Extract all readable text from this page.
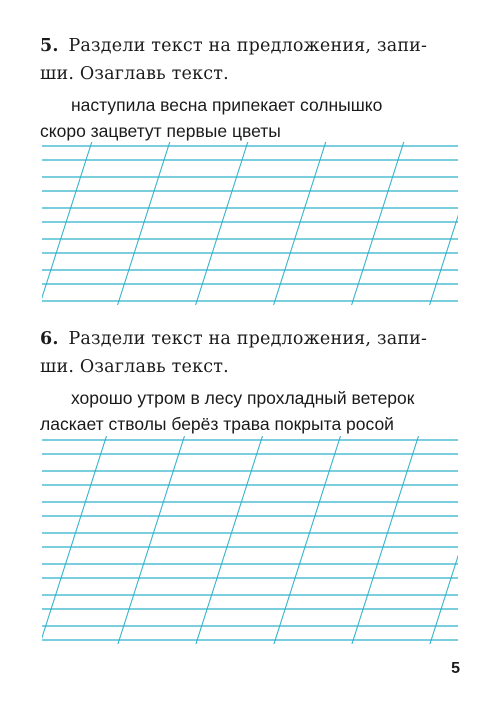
5. Раздели текст на предложения, запи-
ши. Озаглавь текст.
наступила весна припекает солнышко
скоро зацветут первые цветы
6. Раздели текст на предложения, запи-
ши. Озаглавь текст.
хорошо утром в лесу прохладный ветерок
ласкает стволы берёз трава покрыта росой
5
